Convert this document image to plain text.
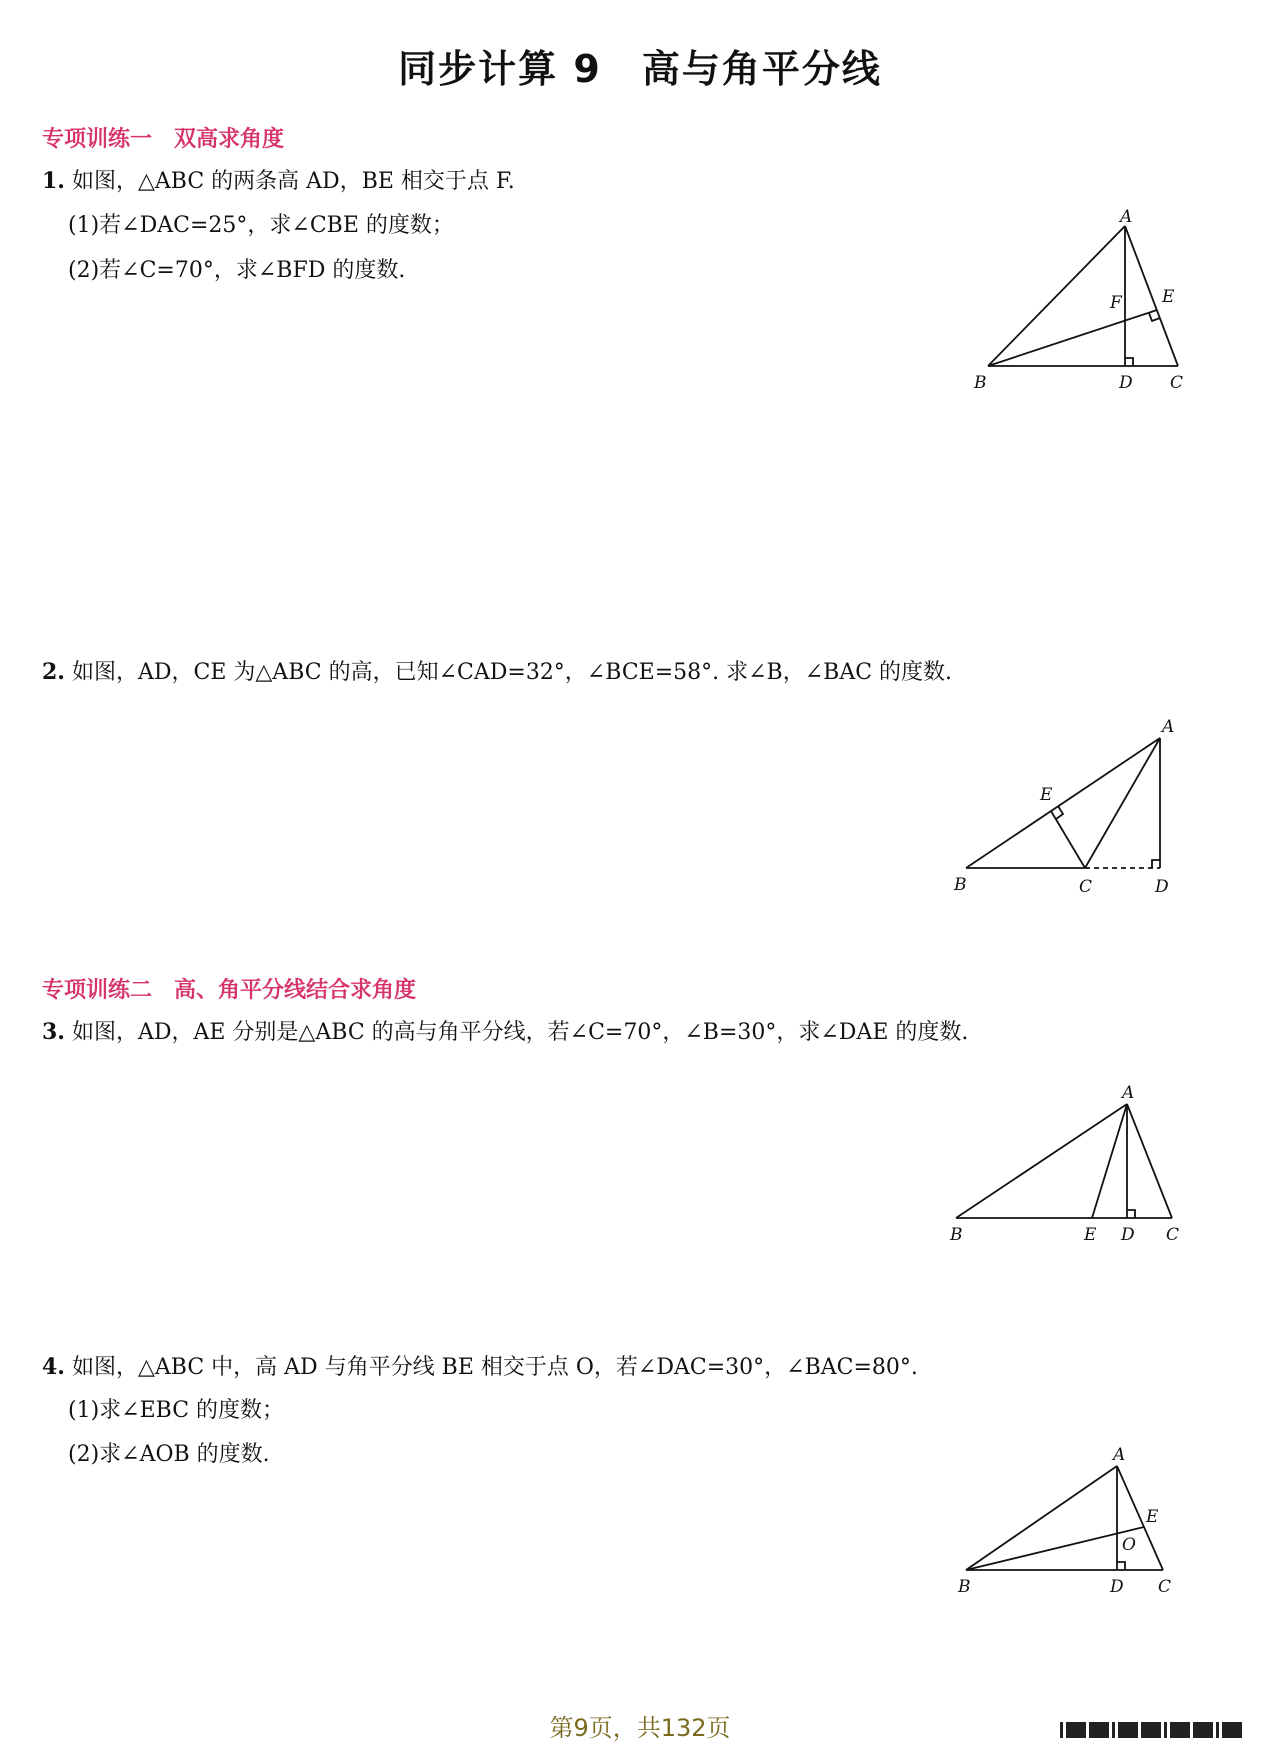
同步计算 9　高与角平分线
专项训练一　双高求角度
1. 如图，△ABC 的两条高 AD，BE 相交于点 F.
(1)若∠DAC=25°，求∠CBE 的度数；
(2)若∠C=70°，求∠BFD 的度数.
A
B	C
D
E
F
2. 如图，AD，CE 为△ABC 的高，已知∠CAD=32°，∠BCE=58°. 求∠B，∠BAC 的度数.
A
B	C	D
E
专项训练二　高、角平分线结合求角度
3. 如图，AD，AE 分别是△ABC 的高与角平分线，若∠C=70°，∠B=30°，求∠DAE 的度数.
A
B	C
D
E
4. 如图，△ABC 中，高 AD 与角平分线 BE 相交于点 O，若∠DAC=30°，∠BAC=80°.
(1)求∠EBC 的度数；
(2)求∠AOB 的度数.	A
B	C
D
E
O
第9页，共132页
